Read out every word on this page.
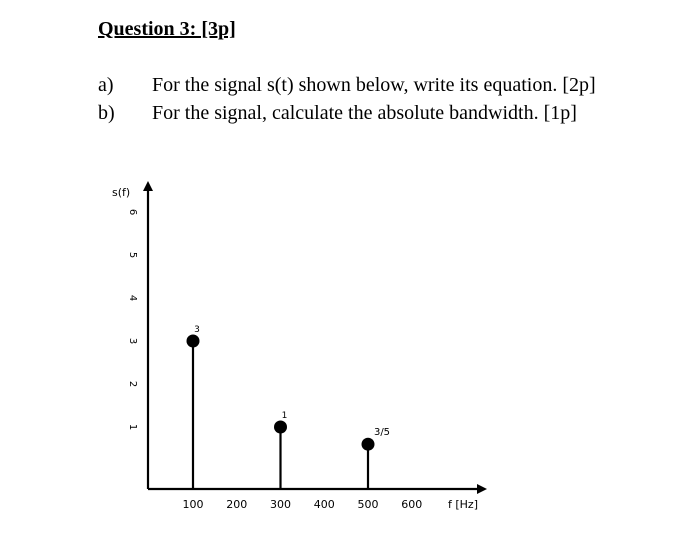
Question 3: [3p]
a) For the signal s(t) shown below, write its equation. [2p]
b) For the signal, calculate the absolute bandwidth. [1p]
s(f)
f [Hz]
1
2
3
4
5
6
100 200 300 400 500 600
3
1
3/5
